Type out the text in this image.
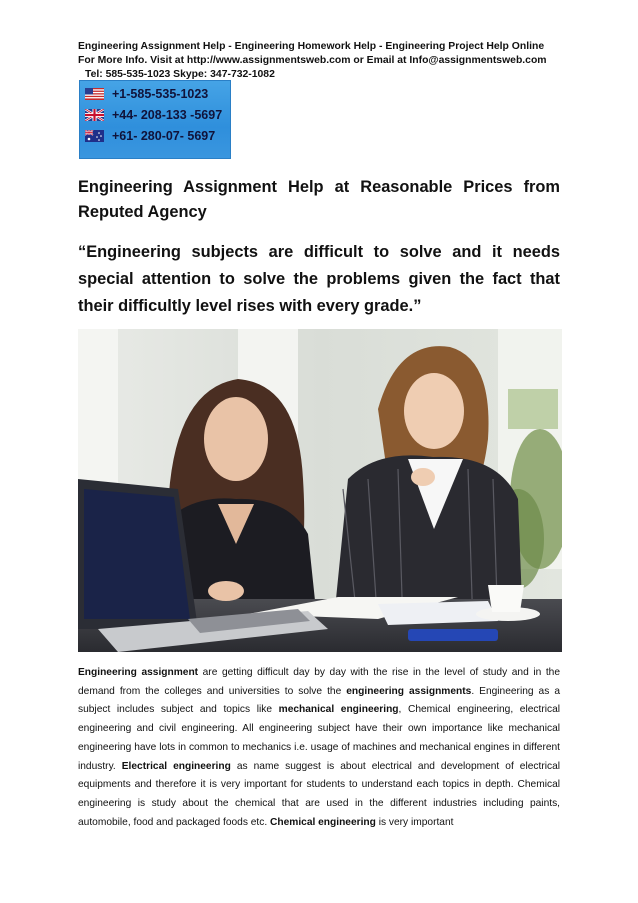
Engineering Assignment Help - Engineering Homework Help - Engineering Project Help Online
For More Info. Visit at http://www.assignmentsweb.com or Email at Info@assignmentsweb.com
Tel: 585-535-1023 Skype: 347-732-1082
+1-585-535-1023
+44- 208-133 -5697
+61- 280-07- 5697
Engineering Assignment Help at Reasonable Prices from Reputed Agency
“Engineering subjects are difficult to solve and it needs special attention to solve the problems given the fact that their difficultly level rises with every grade.”
Engineering assignment are getting difficult day by day with the rise in the level of study and in the demand from the colleges and universities to solve the engineering assignments. Engineering as a subject includes subject and topics like mechanical engineering, Chemical engineering, electrical engineering and civil engineering. All engineering subject have their own importance like mechanical engineering have lots in common to mechanics i.e. usage of machines and mechanical engines in different industry. Electrical engineering as name suggest is about electrical and development of electrical equipments and therefore it is very important for students to understand each topics in depth. Chemical engineering is study about the chemical that are used in the different industries including paints, automobile, food and packaged foods etc. Chemical engineering is very important
